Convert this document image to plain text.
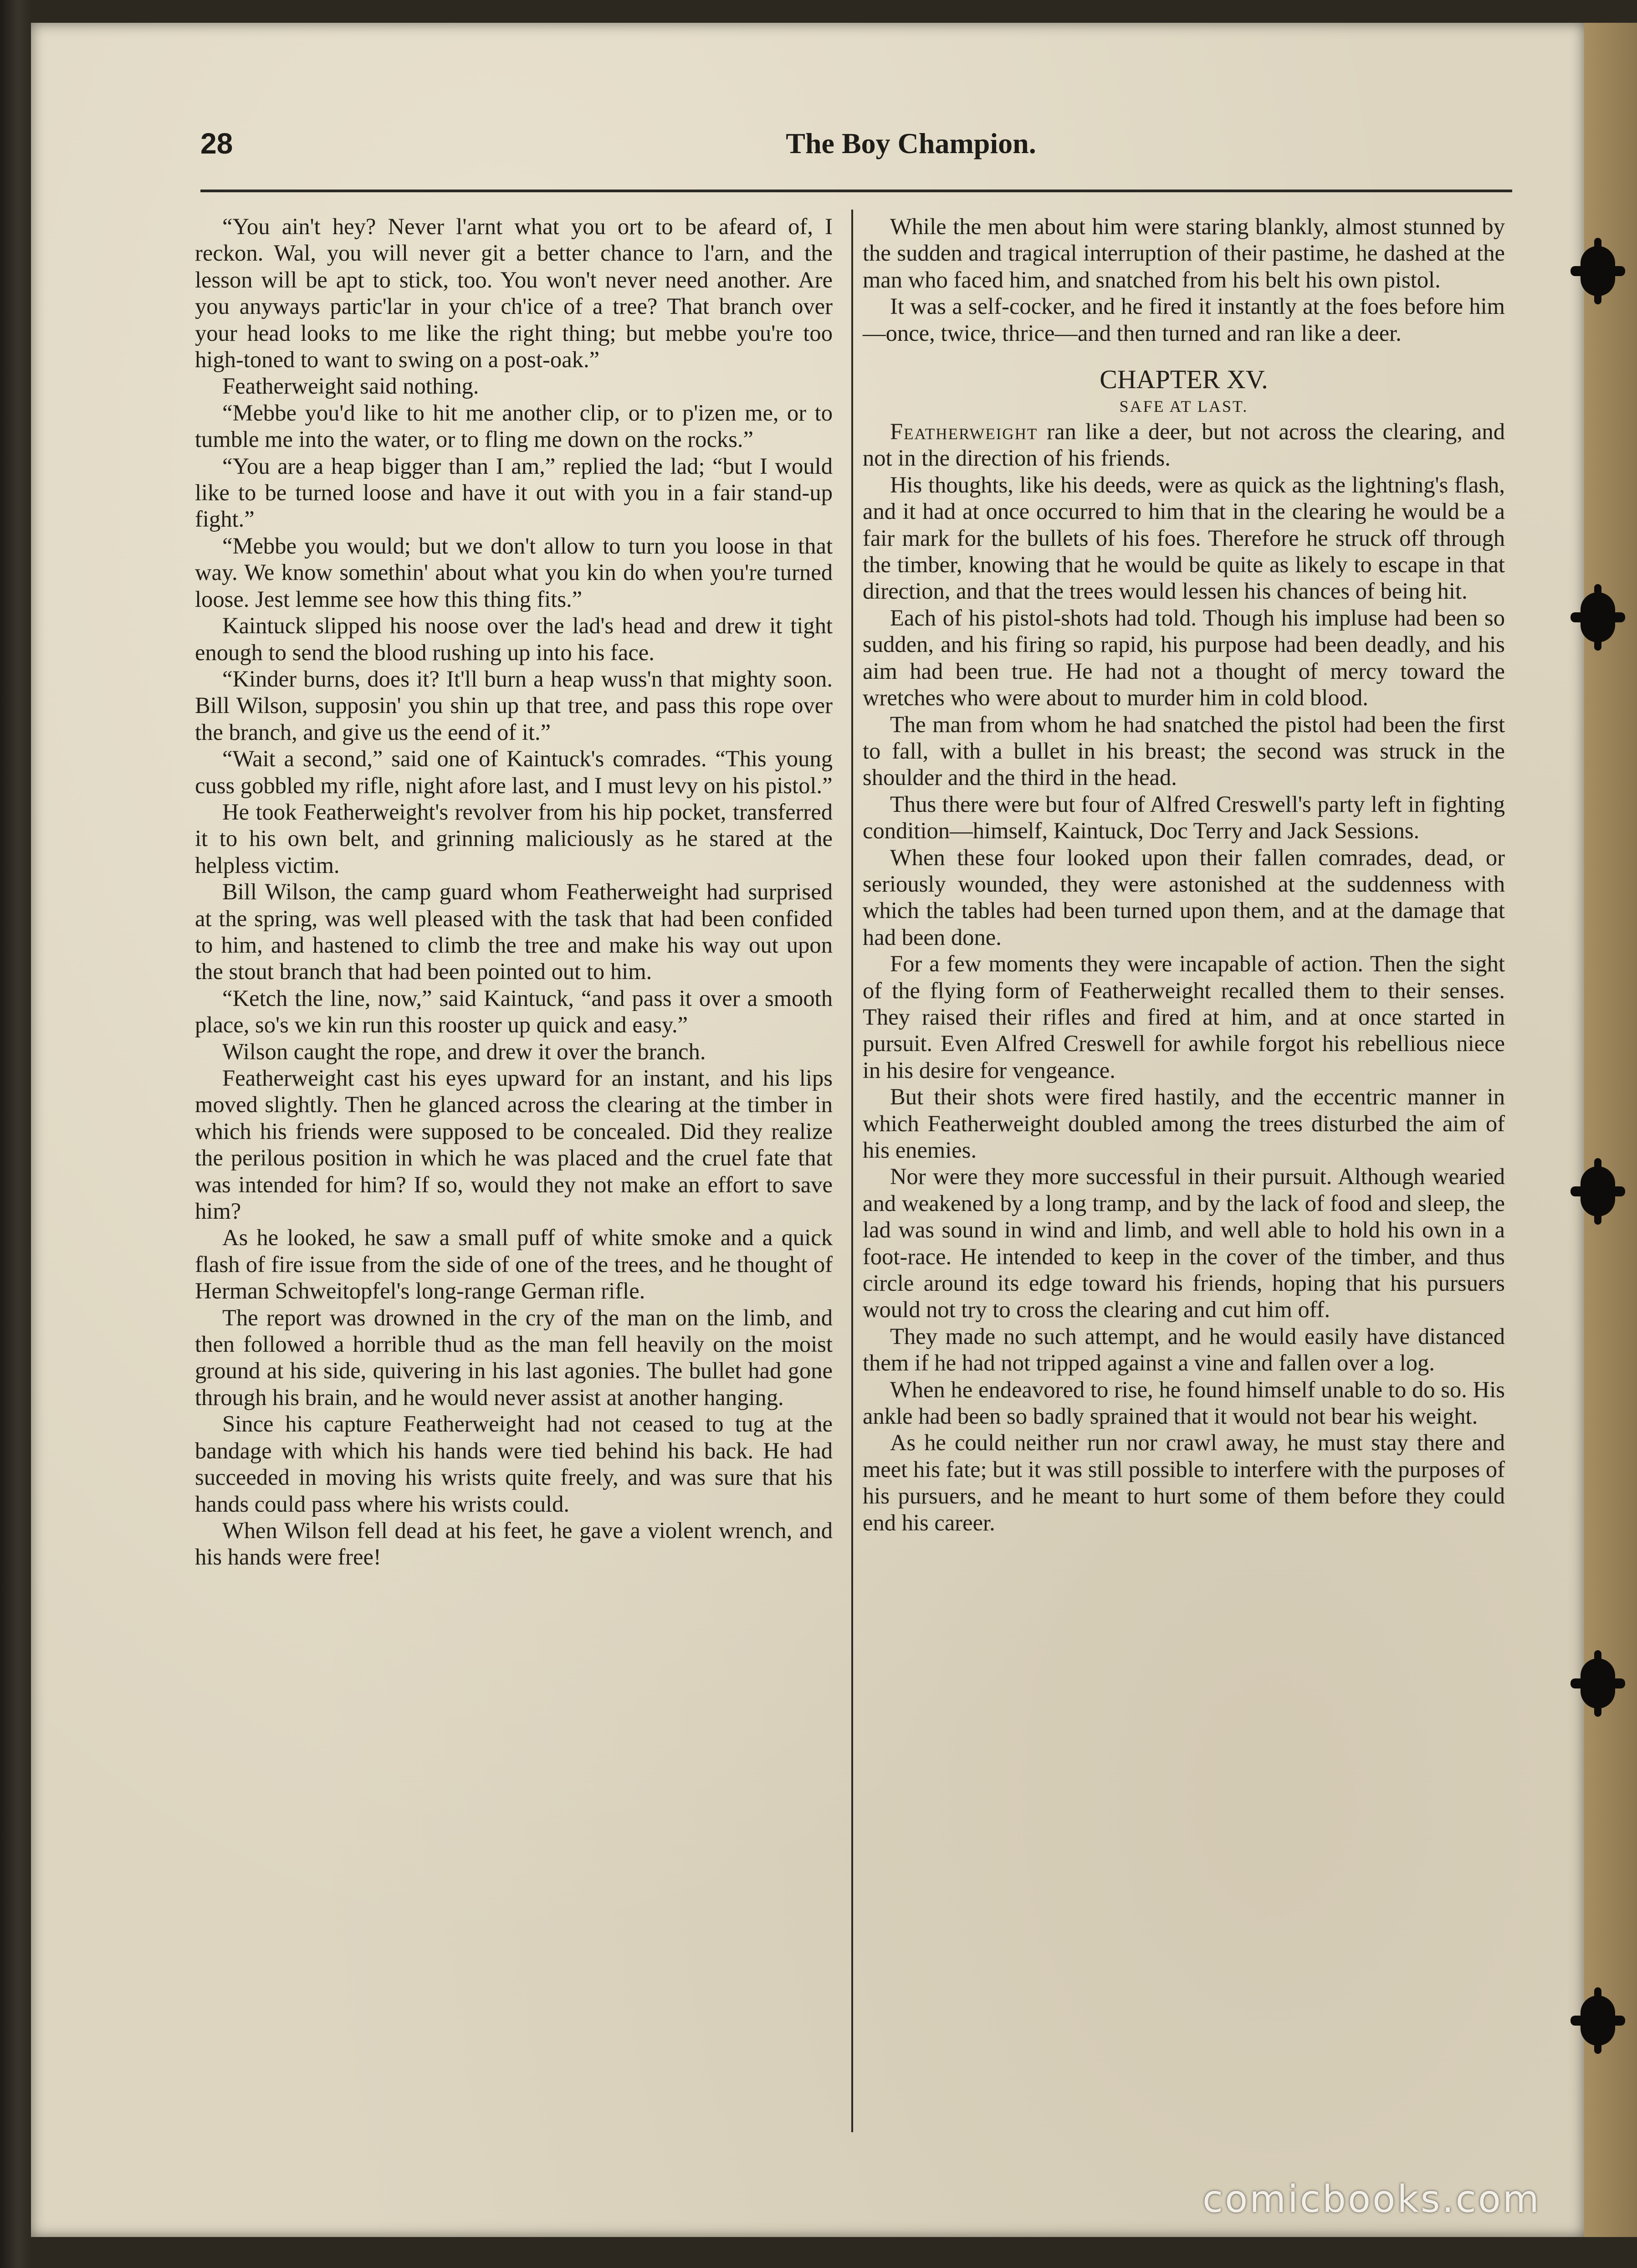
28	The Boy Champion.

“You ain't hey? Never l'arnt what you ort to be afeard of, I reckon. Wal, you will never git a better chance to l'arn, and the lesson will be apt to stick, too. You won't never need another. Are you anyways partic'lar in your ch'ice of a tree? That branch over your head looks to me like the right thing; but mebbe you're too high-toned to want to swing on a post-oak.”

Featherweight said nothing.

“Mebbe you'd like to hit me another clip, or to p'izen me, or to tumble me into the water, or to fling me down on the rocks.”

“You are a heap bigger than I am,” replied the lad; “but I would like to be turned loose and have it out with you in a fair stand-up fight.”

“Mebbe you would; but we don't allow to turn you loose in that way. We know somethin' about what you kin do when you're turned loose. Jest lemme see how this thing fits.”

Kaintuck slipped his noose over the lad's head and drew it tight enough to send the blood rushing up into his face.

“Kinder burns, does it? It'll burn a heap wuss'n that mighty soon. Bill Wilson, supposin' you shin up that tree, and pass this rope over the branch, and give us the eend of it.”

“Wait a second,” said one of Kaintuck's comrades. “This young cuss gobbled my rifle, night afore last, and I must levy on his pistol.”

He took Featherweight's revolver from his hip pocket, transferred it to his own belt, and grinning maliciously as he stared at the helpless victim.

Bill Wilson, the camp guard whom Featherweight had surprised at the spring, was well pleased with the task that had been confided to him, and hastened to climb the tree and make his way out upon the stout branch that had been pointed out to him.

“Ketch the line, now,” said Kaintuck, “and pass it over a smooth place, so's we kin run this rooster up quick and easy.”

Wilson caught the rope, and drew it over the branch.

Featherweight cast his eyes upward for an instant, and his lips moved slightly. Then he glanced across the clearing at the timber in which his friends were supposed to be concealed. Did they realize the perilous position in which he was placed and the cruel fate that was intended for him? If so, would they not make an effort to save him?

As he looked, he saw a small puff of white smoke and a quick flash of fire issue from the side of one of the trees, and he thought of Herman Schweitopfel's long-range German rifle.

The report was drowned in the cry of the man on the limb, and then followed a horrible thud as the man fell heavily on the moist ground at his side, quivering in his last agonies. The bullet had gone through his brain, and he would never assist at another hanging.

Since his capture Featherweight had not ceased to tug at the bandage with which his hands were tied behind his back. He had succeeded in moving his wrists quite freely, and was sure that his hands could pass where his wrists could.

When Wilson fell dead at his feet, he gave a violent wrench, and his hands were free!

While the men about him were staring blankly, almost stunned by the sudden and tragical interruption of their pastime, he dashed at the man who faced him, and snatched from his belt his own pistol.

It was a self-cocker, and he fired it instantly at the foes before him—once, twice, thrice—and then turned and ran like a deer.

CHAPTER XV.
SAFE AT LAST.

Featherweight ran like a deer, but not across the clearing, and not in the direction of his friends.

His thoughts, like his deeds, were as quick as the lightning's flash, and it had at once occurred to him that in the clearing he would be a fair mark for the bullets of his foes. Therefore he struck off through the timber, knowing that he would be quite as likely to escape in that direction, and that the trees would lessen his chances of being hit.

Each of his pistol-shots had told. Though his impluse had been so sudden, and his firing so rapid, his purpose had been deadly, and his aim had been true. He had not a thought of mercy toward the wretches who were about to murder him in cold blood.

The man from whom he had snatched the pistol had been the first to fall, with a bullet in his breast; the second was struck in the shoulder and the third in the head.

Thus there were but four of Alfred Creswell's party left in fighting condition—himself, Kaintuck, Doc Terry and Jack Sessions.

When these four looked upon their fallen comrades, dead, or seriously wounded, they were astonished at the suddenness with which the tables had been turned upon them, and at the damage that had been done.

For a few moments they were incapable of action. Then the sight of the flying form of Featherweight recalled them to their senses. They raised their rifles and fired at him, and at once started in pursuit. Even Alfred Creswell for awhile forgot his rebellious niece in his desire for vengeance.

But their shots were fired hastily, and the eccentric manner in which Featherweight doubled among the trees disturbed the aim of his enemies.

Nor were they more successful in their pursuit. Although wearied and weakened by a long tramp, and by the lack of food and sleep, the lad was sound in wind and limb, and well able to hold his own in a foot-race. He intended to keep in the cover of the timber, and thus circle around its edge toward his friends, hoping that his pursuers would not try to cross the clearing and cut him off.

They made no such attempt, and he would easily have distanced them if he had not tripped against a vine and fallen over a log.

When he endeavored to rise, he found himself unable to do so. His ankle had been so badly sprained that it would not bear his weight.

As he could neither run nor crawl away, he must stay there and meet his fate; but it was still possible to interfere with the purposes of his pursuers, and he meant to hurt some of them before they could end his career.

comicbooks.com
